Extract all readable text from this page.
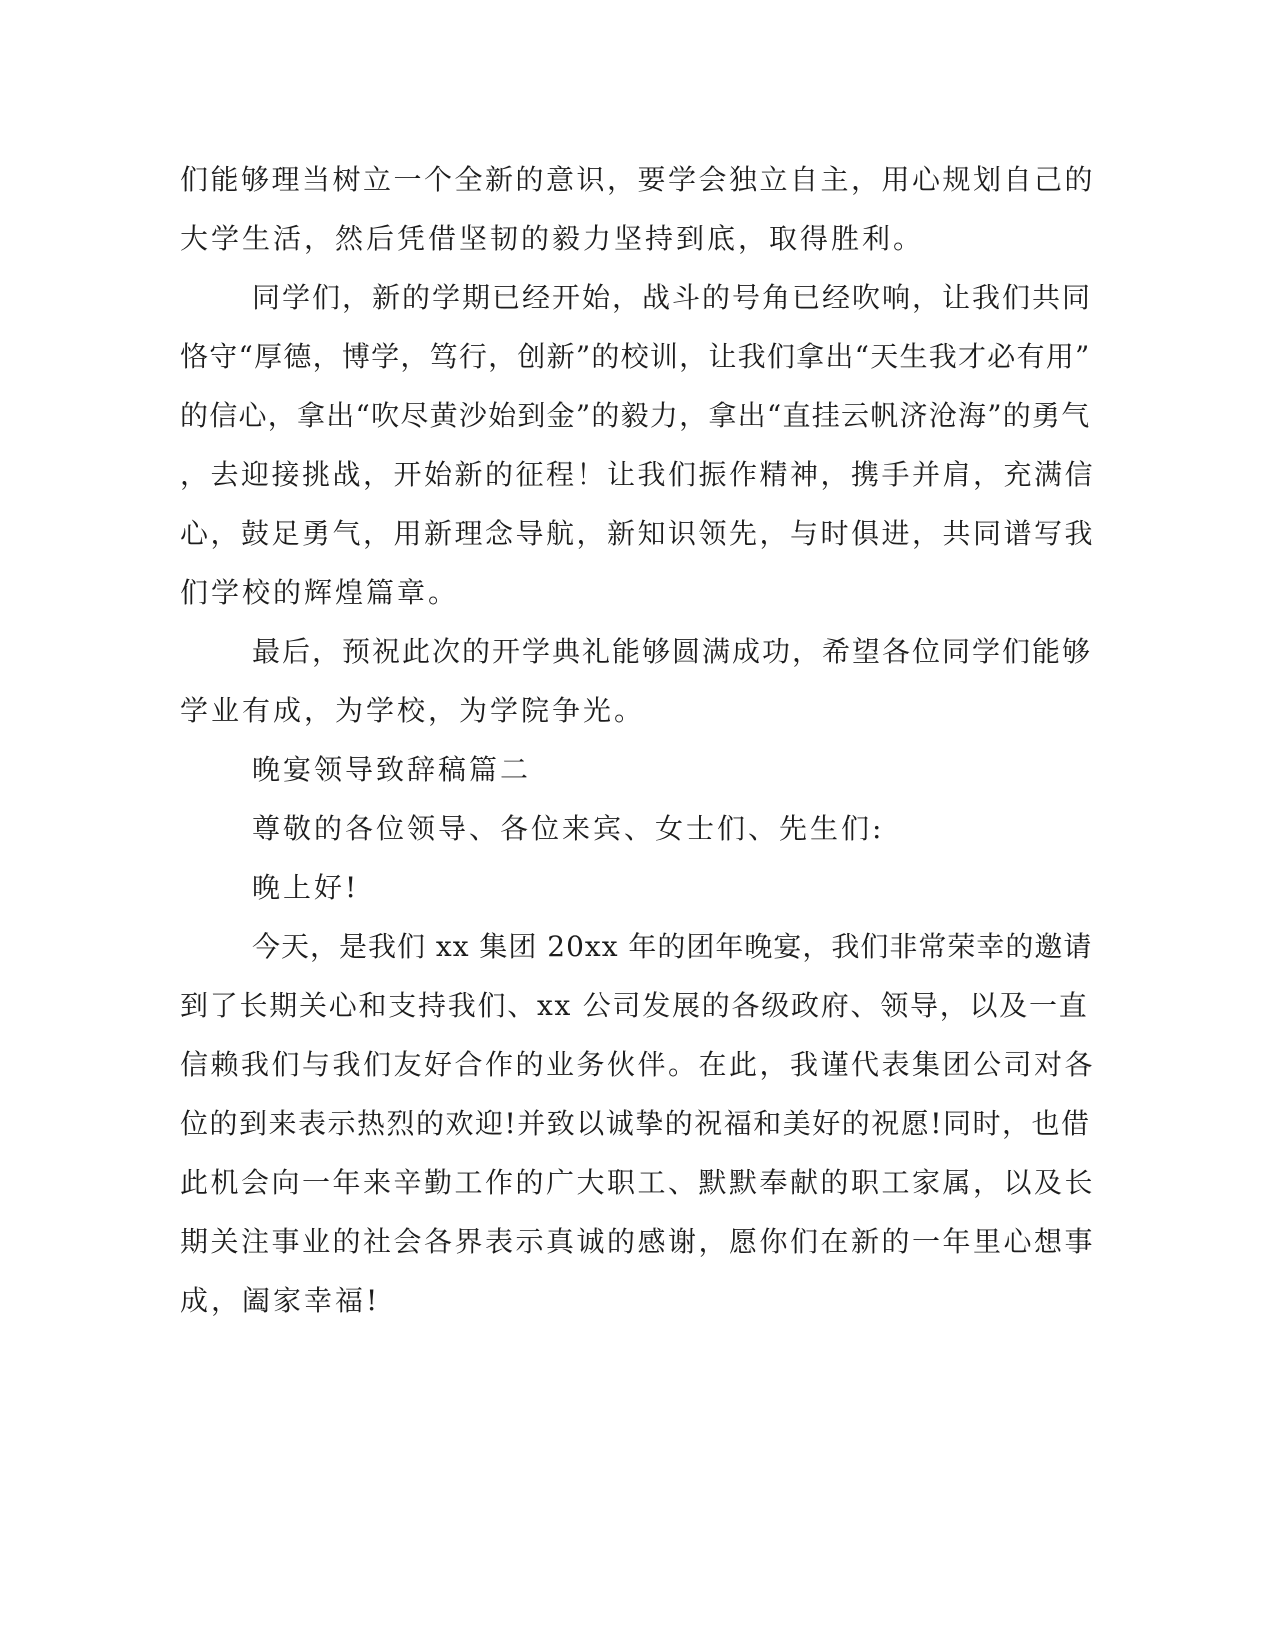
们能够理当树立一个全新的意识，要学会独立自主，用心规划自己的
大学生活，然后凭借坚韧的毅力坚持到底，取得胜利。
同学们，新的学期已经开始，战斗的号角已经吹响，让我们共同
恪守“厚德，博学，笃行，创新”的校训，让我们拿出“天生我才必有用”
的信心，拿出“吹尽黄沙始到金”的毅力，拿出“直挂云帆济沧海”的勇气
，去迎接挑战，开始新的征程！让我们振作精神，携手并肩，充满信
心，鼓足勇气，用新理念导航，新知识领先，与时俱进，共同谱写我
们学校的辉煌篇章。
最后，预祝此次的开学典礼能够圆满成功，希望各位同学们能够
学业有成，为学校，为学院争光。
晚宴领导致辞稿篇二
尊敬的各位领导、各位来宾、女士们、先生们:
晚上好!
今天，是我们 xx 集团 20xx 年的团年晚宴，我们非常荣幸的邀请
到了长期关心和支持我们、xx 公司发展的各级政府、领导，以及一直
信赖我们与我们友好合作的业务伙伴。在此，我谨代表集团公司对各
位的到来表示热烈的欢迎!并致以诚挚的祝福和美好的祝愿!同时，也借
此机会向一年来辛勤工作的广大职工、默默奉献的职工家属，以及长
期关注事业的社会各界表示真诚的感谢，愿你们在新的一年里心想事
成，阖家幸福!
